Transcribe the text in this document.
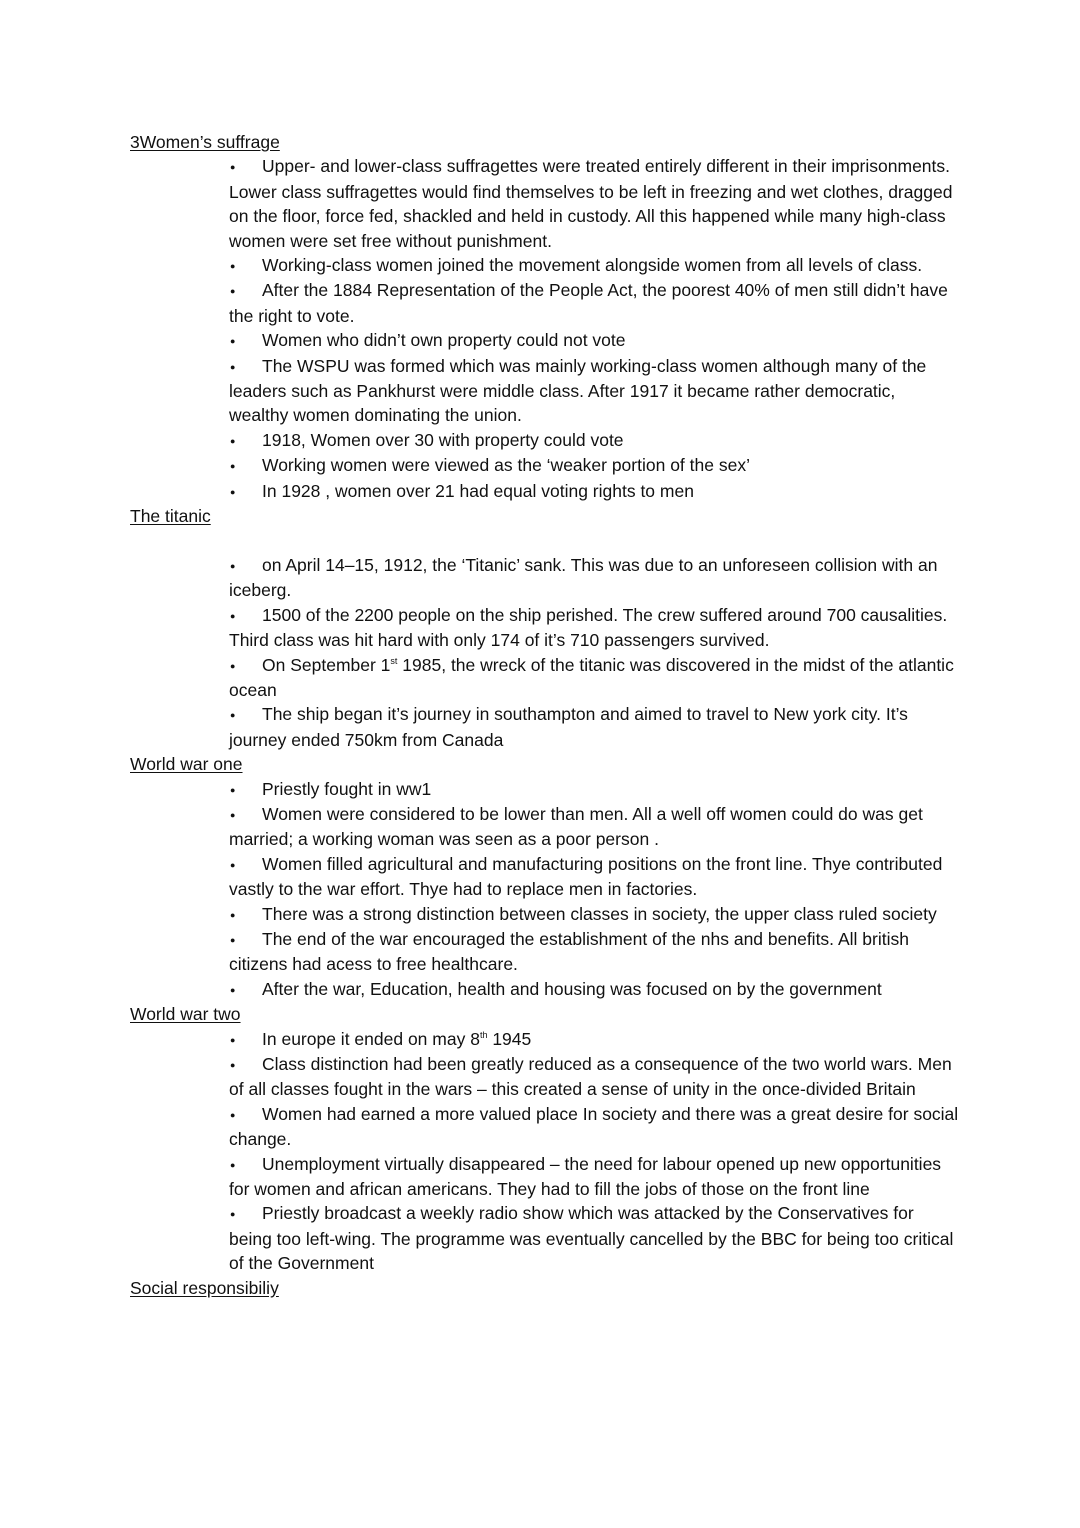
3Women’s suffrage
●Upper- and lower-class suffragettes were treated entirely different in their imprisonments. Lower class suffragettes would find themselves to be left in freezing and wet clothes, dragged on the floor, force fed, shackled and held in custody. All this happened while many high-class women were set free without punishment.
●Working-class women joined the movement alongside women from all levels of class.
●After the 1884 Representation of the People Act, the poorest 40% of men still didn’t have the right to vote.
●Women who didn’t own property could not vote
●The WSPU was formed which was mainly working-class women although many of the leaders such as Pankhurst were middle class. After 1917 it became rather democratic, wealthy women dominating the union.
●1918, Women over 30 with property could vote
●Working women were viewed as the ‘weaker portion of the sex’
●In 1928 , women over 21 had equal voting rights to men
The titanic
●on April 14–15, 1912, the ‘Titanic’ sank. This was due to an unforeseen collision with an iceberg.
●1500 of the 2200 people on the ship perished. The crew suffered around 700 causalities. Third class was hit hard with only 174 of it’s 710 passengers survived.
●On September 1st 1985, the wreck of the titanic was discovered in the midst of the atlantic ocean
●The ship began it’s journey in southampton and aimed to travel to New york city. It’s journey ended 750km from Canada
World war one
●Priestly fought in ww1
●Women were considered to be lower than men. All a well off women could do was get married; a working woman was seen as a poor person .
●Women filled agricultural and manufacturing positions on the front line. Thye contributed vastly to the war effort. Thye had to replace men in factories.
●There was a strong distinction between classes in society, the upper class ruled society
●The end of the war encouraged the establishment of the nhs and benefits. All british citizens had acess to free healthcare.
●After the war, Education, health and housing was focused on by the government
World war two
●In europe it ended on may 8th 1945
●Class distinction had been greatly reduced as a consequence of the two world wars. Men of all classes fought in the wars – this created a sense of unity in the once-divided Britain
●Women had earned a more valued place In society and there was a great desire for social change.
●Unemployment virtually disappeared – the need for labour opened up new opportunities for women and african americans. They had to fill the jobs of those on the front line
●Priestly broadcast a weekly radio show which was attacked by the Conservatives for being too left-wing. The programme was eventually cancelled by the BBC for being too critical of the Government
Social responsibiliy
